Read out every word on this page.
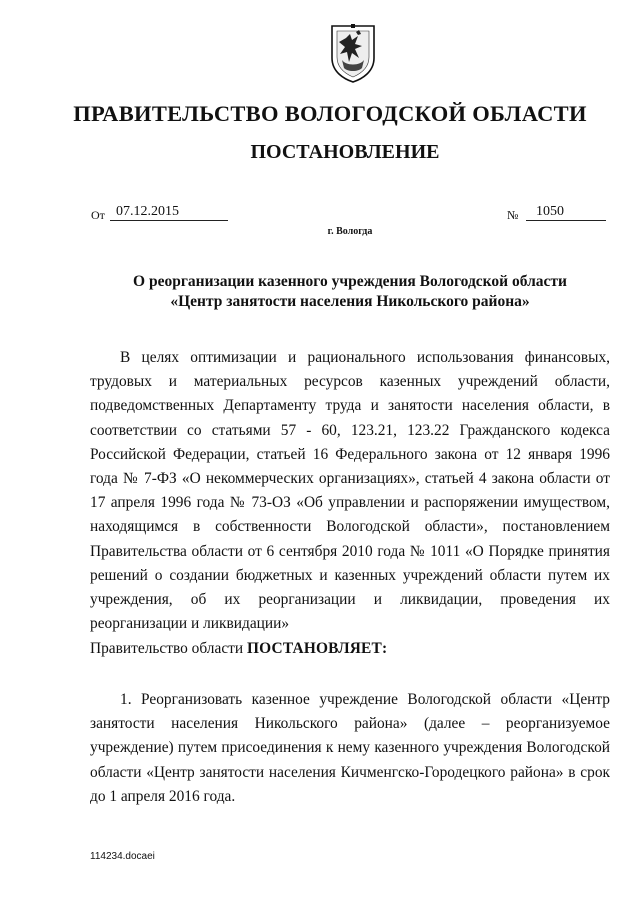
ПРАВИТЕЛЬСТВО ВОЛОГОДСКОЙ ОБЛАСТИ
ПОСТАНОВЛЕНИЕ
От 07.12.2015
г. Вологда
№	1050
О реорганизации казенного учреждения Вологодской области
«Центр занятости населения Никольского района»

В целях оптимизации и рационального использования финансовых, трудовых и материальных ресурсов казенных учреждений области, подведомственных Департаменту труда и занятости населения области, в соответствии со статьями 57 - 60, 123.21, 123.22 Гражданского кодекса Российской Федерации, статьей 16 Федерального закона от 12 января 1996 года № 7-ФЗ «О некоммерческих организациях», статьей 4 закона области от 17 апреля 1996 года № 73-ОЗ «Об управлении и распоряжении имуществом, находящимся в собственности Вологодской области», постановлением Правительства области от 6 сентября 2010 года № 1011 «О Порядке принятия решений о создании бюджетных и казенных учреждений области путем их учреждения, об их реорганизации и ликвидации, проведения их реорганизации и ликвидации»

Правительство области ПОСТАНОВЛЯЕТ:

1. Реорганизовать казенное учреждение Вологодской области «Центр занятости населения Никольского района» (далее – реорганизуемое учреждение) путем присоединения к нему казенного учреждения Вологодской области «Центр занятости населения Кичменгско-Городецкого района» в срок до 1 апреля 2016 года.

114234.docaei
